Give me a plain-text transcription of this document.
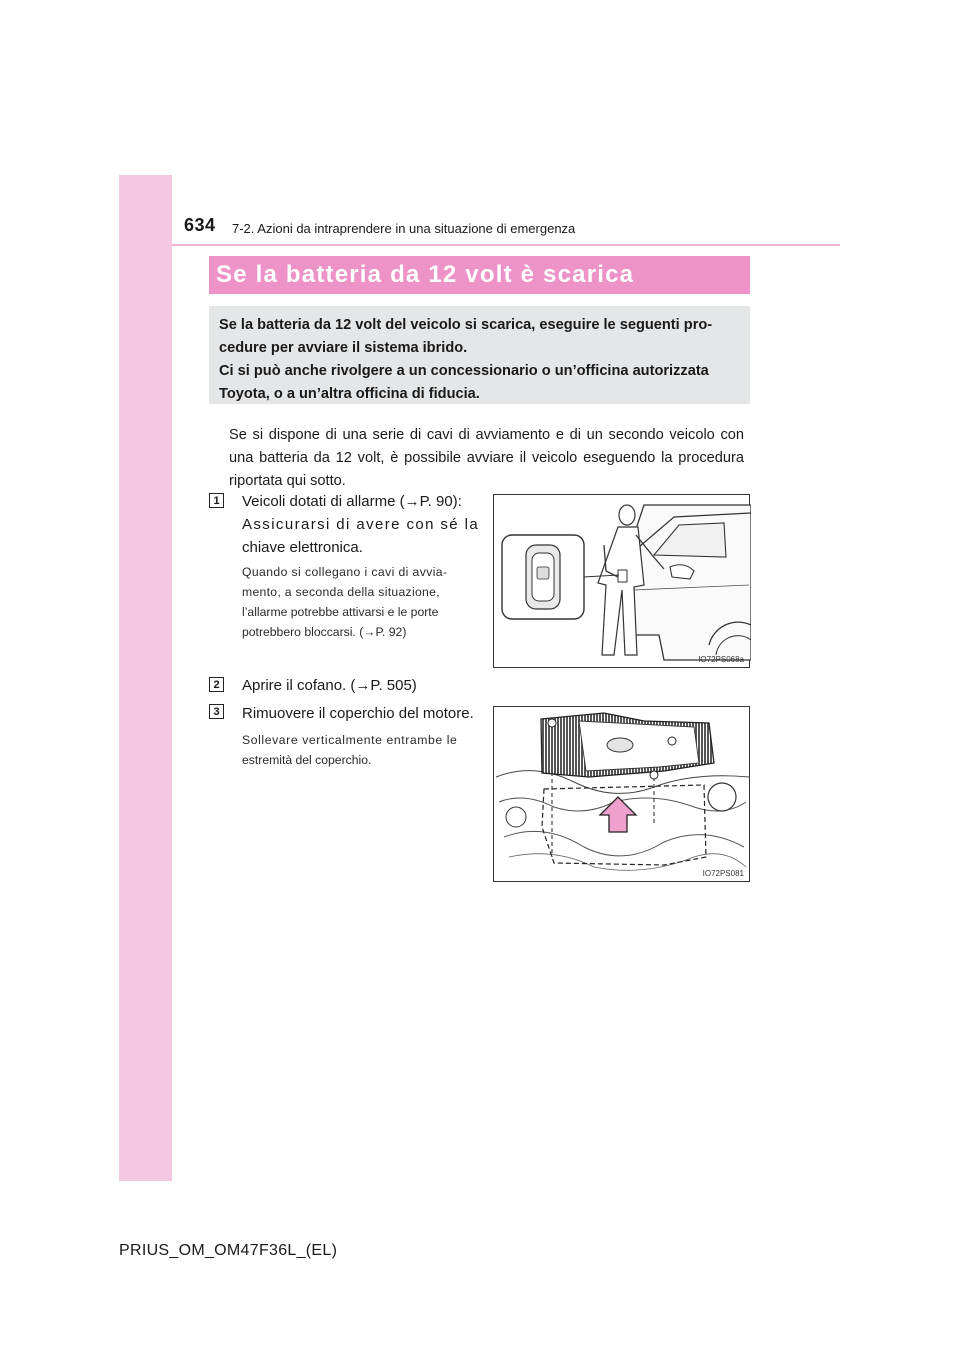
634 7-2. Azioni da intraprendere in una situazione di emergenza
Se la batteria da 12 volt è scarica
Se la batteria da 12 volt del veicolo si scarica, eseguire le seguenti pro-
cedure per avviare il sistema ibrido.
Ci si può anche rivolgere a un concessionario o un’officina autorizzata
Toyota, o a un’altra officina di fiducia.
Se si dispone di una serie di cavi di avviamento e di un secondo veicolo con una batteria da 12 volt, è possibile avviare il veicolo eseguendo la procedura riportata qui sotto.
1 Veicoli dotati di allarme (→P. 90):
Assicurarsi di avere con sé la
chiave elettronica.
Quando si collegano i cavi di avvia-
mento, a seconda della situazione,
l’allarme potrebbe attivarsi e le porte
potrebbero bloccarsi. (→P. 92)
IO72PS068a
2 Aprire il cofano. (→P. 505)
3 Rimuovere il coperchio del motore.
Sollevare verticalmente entrambe le
estremità del coperchio.
IO72PS081
PRIUS_OM_OM47F36L_(EL)
